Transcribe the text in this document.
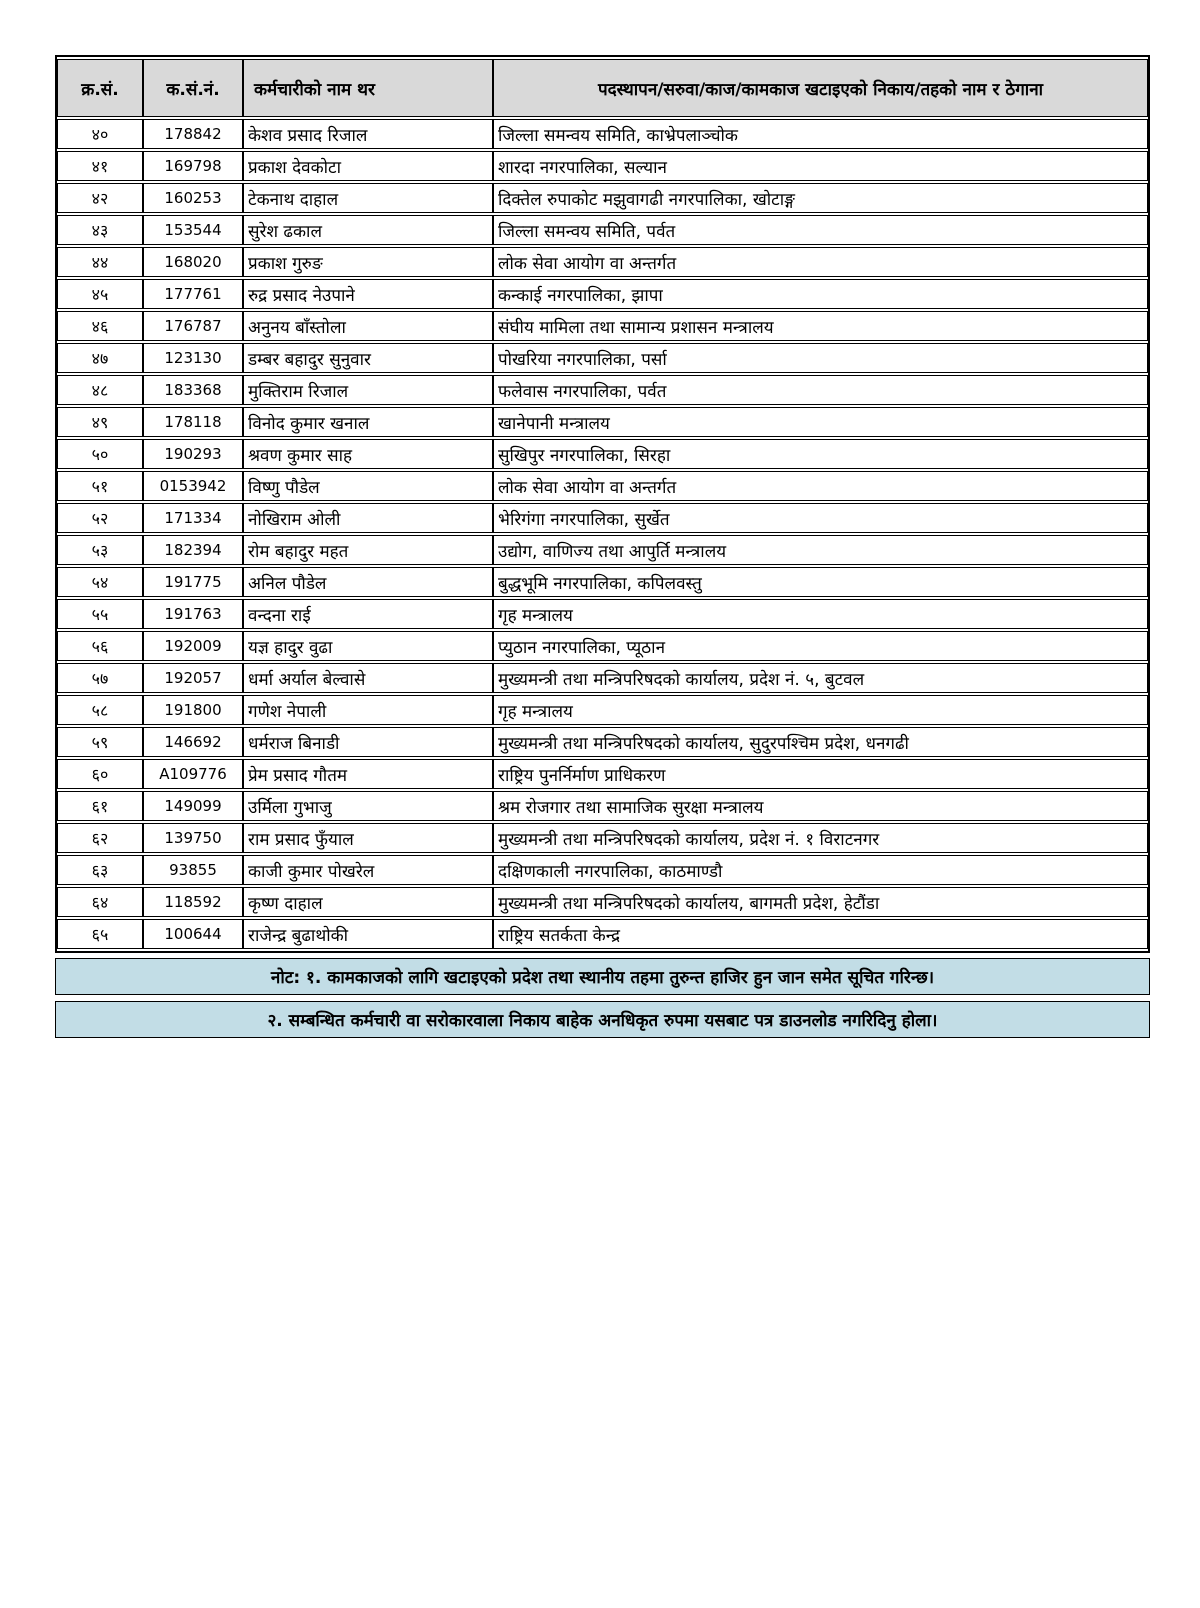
क्र.सं.	क.सं.नं.	कर्मचारीको नाम थर	पदस्थापन/सरुवा/काज/कामकाज खटाइएको निकाय/तहको नाम र ठेगाना
४०	178842	केशव प्रसाद रिजाल	जिल्ला समन्वय समिति, काभ्रेपलाञ्चोक
४१	169798	प्रकाश देवकोटा	शारदा नगरपालिका, सल्यान
४२	160253	टेकनाथ दाहाल	दिक्तेल रुपाकोट मझुवागढी नगरपालिका, खोटाङ्ग
४३	153544	सुरेश ढकाल	जिल्ला समन्वय समिति, पर्वत
४४	168020	प्रकाश गुरुङ	लोक सेवा आयोग वा अन्तर्गत
४५	177761	रुद्र प्रसाद नेउपाने	कन्काई नगरपालिका, झापा
४६	176787	अनुनय बाँस्तोला	संघीय मामिला तथा सामान्य प्रशासन मन्त्रालय
४७	123130	डम्बर बहादुर सुनुवार	पोखरिया नगरपालिका, पर्सा
४८	183368	मुक्तिराम रिजाल	फलेवास नगरपालिका, पर्वत
४९	178118	विनोद कुमार खनाल	खानेपानी मन्त्रालय
५०	190293	श्रवण कुमार साह	सुखिपुर नगरपालिका, सिरहा
५१	0153942	विष्णु पौडेल	लोक सेवा आयोग वा अन्तर्गत
५२	171334	नोखिराम ओली	भेरिगंगा नगरपालिका, सुर्खेत
५३	182394	रोम बहादुर महत	उद्योग, वाणिज्य तथा आपुर्ति मन्त्रालय
५४	191775	अनिल पौडेल	बुद्धभूमि नगरपालिका, कपिलवस्तु
५५	191763	वन्दना राई	गृह मन्त्रालय
५६	192009	यज्ञ हादुर वुढा	प्युठान नगरपालिका, प्यूठान
५७	192057	धर्मा अर्याल बेल्वासे	मुख्यमन्त्री तथा मन्त्रिपरिषदको कार्यालय, प्रदेश नं. ५, बुटवल
५८	191800	गणेश नेपाली	गृह मन्त्रालय
५९	146692	धर्मराज बिनाडी	मुख्यमन्त्री तथा मन्त्रिपरिषदको कार्यालय, सुदुरपश्चिम प्रदेश, धनगढी
६०	A109776	प्रेम प्रसाद गौतम	राष्ट्रिय पुनर्निर्माण प्राधिकरण
६१	149099	उर्मिला गुभाजु	श्रम रोजगार तथा सामाजिक सुरक्षा मन्त्रालय
६२	139750	राम प्रसाद फुँयाल	मुख्यमन्त्री तथा मन्त्रिपरिषदको कार्यालय, प्रदेश नं. १ विराटनगर
६३	93855	काजी कुमार पोखरेल	दक्षिणकाली नगरपालिका, काठमाण्डौ
६४	118592	कृष्ण दाहाल	मुख्यमन्त्री तथा मन्त्रिपरिषदको कार्यालय, बागमती प्रदेश, हेटौंडा
६५	100644	राजेन्द्र बुढाथोकी	राष्ट्रिय सतर्कता केन्द्र
नोट: १. कामकाजको लागि खटाइएको प्रदेश तथा स्थानीय तहमा तुरुन्त हाजिर हुन जान समेत सूचित गरिन्छ।
२. सम्बन्धित कर्मचारी वा सरोकारवाला निकाय बाहेक अनधिकृत रुपमा यसबाट पत्र डाउनलोड नगरिदिनु होला।
